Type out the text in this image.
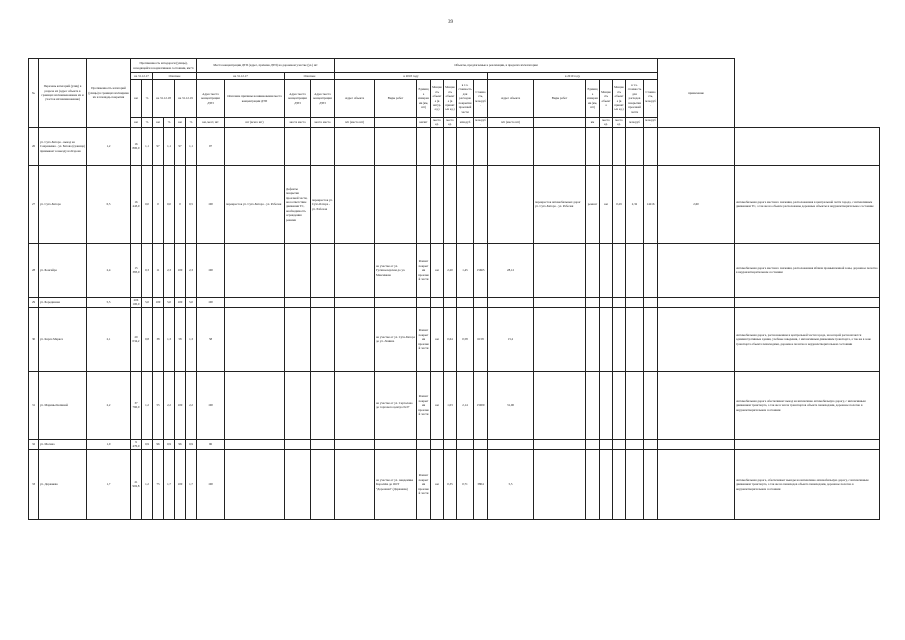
39
№	Перечень категорий (улиц) в разрезе их (адрес объекта в границах их/наименование их и участок их/наименование)	Протяженность категорий (улицы) в границах их/ширина их и площадь покрытия	Протяженность автодороги (улицы), находящейся в нормативном состоянии, км/%						Места концентрации ДТП (адрес, причина ДТП) на дорожном участке (ул.) шт				Объекты, предлагаемые к реализации, в пределах их/категории														примечание	
			на 31.12.17		Опасные				на 31.12.17		Опасные		в 2018 году							в 2019 году								
			км	%	на 31.12.18		на 31.12.19		Адрес места концентрации ДТП	Описание причины возникновения места концентрации ДТП	Адрес места концентрации ДТП	Адрес места концентрации ДТП	Адрес объекта	Виды работ	Единица измерения (км, шт)	Мощность объекта (в натур. ед.)	Мощность объекта (в принятых ед.)	в т.ч. стоимость для расходов покрытия проезжей части	Стоимость, млн.руб.	Адрес объекта	Виды работ	Единица измерения (км, шт)	Мощность объекта	Мощность объекта (в принятых ед.)	в т.ч. стоимость для расходов покрытия проезжей части	Стоимость, млн.руб.		
			км	%	км	%	км	%	км, мест, шт	шт (всего шт)	места места	место место	п/п (место шт)		км/шт	место ед.	место ед.	млн.руб	млн.руб.	п/п (место шт)		км	место ед.	место ед.	млн.руб	млн.руб.		
26	ул. Сухэ-Батора - выезд на Совражевка - ул. Батова (граница) примыкает к выезду на Кэрона	1,2	16 800,0	1,1	97	1,1	97	1,1	97																			
27	ул. Сухэ-Батора	0,5	16 443,0	0,0	0	0,0	0	0,5	100	перекресток ул. Сухэ-Батора - ул. Рабочая	Дефекты покрытия проезжей части, несоответствие движения ТС, необходимость ограждения режима	перекресток ул. Сухэ-Батора - ул. Рабочая									перекресток автомобильных дорог ул. Сухэ-Батора - ул. Рабочая	ремонт	км	0,29	2,32	14216	2,60	Автомобильная дорога местного значения, расположенная в центральной части города, с интенсивным движением ТС, а так же на объекте расположены дорожные объекты и неудовлетворительное состояние
28	ул. Бонсайра	2,4	15 383,0	0,3	11	2,3	100	2,3	100					на участке от ул. Гусиноозерская до ул. Максимова	Ремонт покрытия проезжей части	км	2,20	1,45	15665	28,12								Автомобильная дорога местного значения, расположенная вблизи промышленной зоны, дорожное полотно в неудовлетворительном состоянии
29	ул. Бородинова	5,5	206 100,0	5,0	100	5,0	100	5,0	100																			
30	ул. Карла Маркса	2,1	29 034,2	0,8	38	1,3	58	1,3	58					на участке от ул. Сухэ-Батора до ул. Ленина	Ремонт покрытия проезжей части	км	0,64	0,58	6158	15,2								Автомобильная дорога, расположенная в центральной части города, на которой располагаются административные здания, учебные заведения, с интенсивным движением транспорта, а так же в зоне транспорта объекта пешеходами, дорожное полотно в неудовлетворительном состоянии
31	ул. Марины Копиной	2,2	37 760,0	1,2	55	2,2	100	2,2	100					на участке от ул. Сертолово до торгового центра №37	Ремонт покрытия проезжей части	км	1,03	2,14	15000	31,00								Автомобильная дорога обеспечивает выезд на интенсивно автомобильную дорогу, с интенсивным движением транспорта, а так же в числе транспортов объекта пешеходами, дорожное полотно в неудовлетворительном состоянии
32	ул. Москва	1,0	9 470,0	0,9	96	0,9	96	0,9	96																			
33	ул. Доржиева	1,7	21 902,8	1,2	75	1,7	100	1,7	100					на участке от ул. Академика Королёва до ООТ "Дорожная" (Доржиева)	Ремонт покрытия проезжей части	км	0,35	0,71	3804	5,5								Автомобильная дорога, обеспечивает выезды на интенсивно автомобильную дорогу, с интенсивным движением транспорта, а так же на пешеходов объекта пешеходами, дорожное полотно в неудовлетворительном состоянии
